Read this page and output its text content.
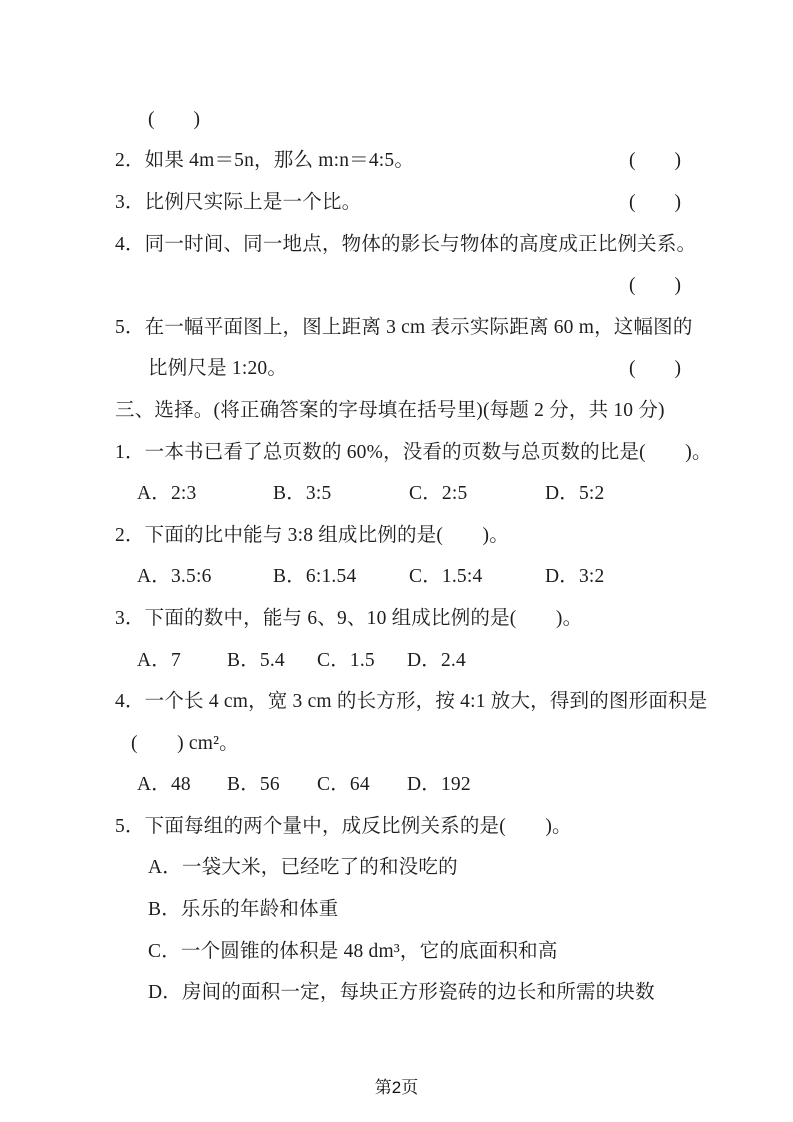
(　　)
2．如果 4m＝5n，那么 m:n＝4:5。	(　　)
3．比例尺实际上是一个比。	(　　)
4．同一时间、同一地点，物体的影长与物体的高度成正比例关系。
(　　)
5．在一幅平面图上，图上距离 3 cm 表示实际距离 60 m，这幅图的
比例尺是 1:20。	(　　)
三、选择。(将正确答案的字母填在括号里)(每题 2 分，共 10 分)
1．一本书已看了总页数的 60%，没看的页数与总页数的比是(　　)。
A．2:3	B．3:5	C．2:5	D．5:2
2．下面的比中能与 3:8 组成比例的是(　　)。
A．3.5:6	B．6:1.54	C．1.5:4	D．3:2
3．下面的数中，能与 6、9、10 组成比例的是(　　)。
A．7	B．5.4	C．1.5	D．2.4
4．一个长 4 cm，宽 3 cm 的长方形，按 4:1 放大，得到的图形面积是
(　　) cm²。
A．48	B．56	C．64	D．192
5．下面每组的两个量中，成反比例关系的是(　　)。
A．一袋大米，已经吃了的和没吃的
B．乐乐的年龄和体重
C．一个圆锥的体积是 48 dm³，它的底面积和高
D．房间的面积一定，每块正方形瓷砖的边长和所需的块数
第2页
